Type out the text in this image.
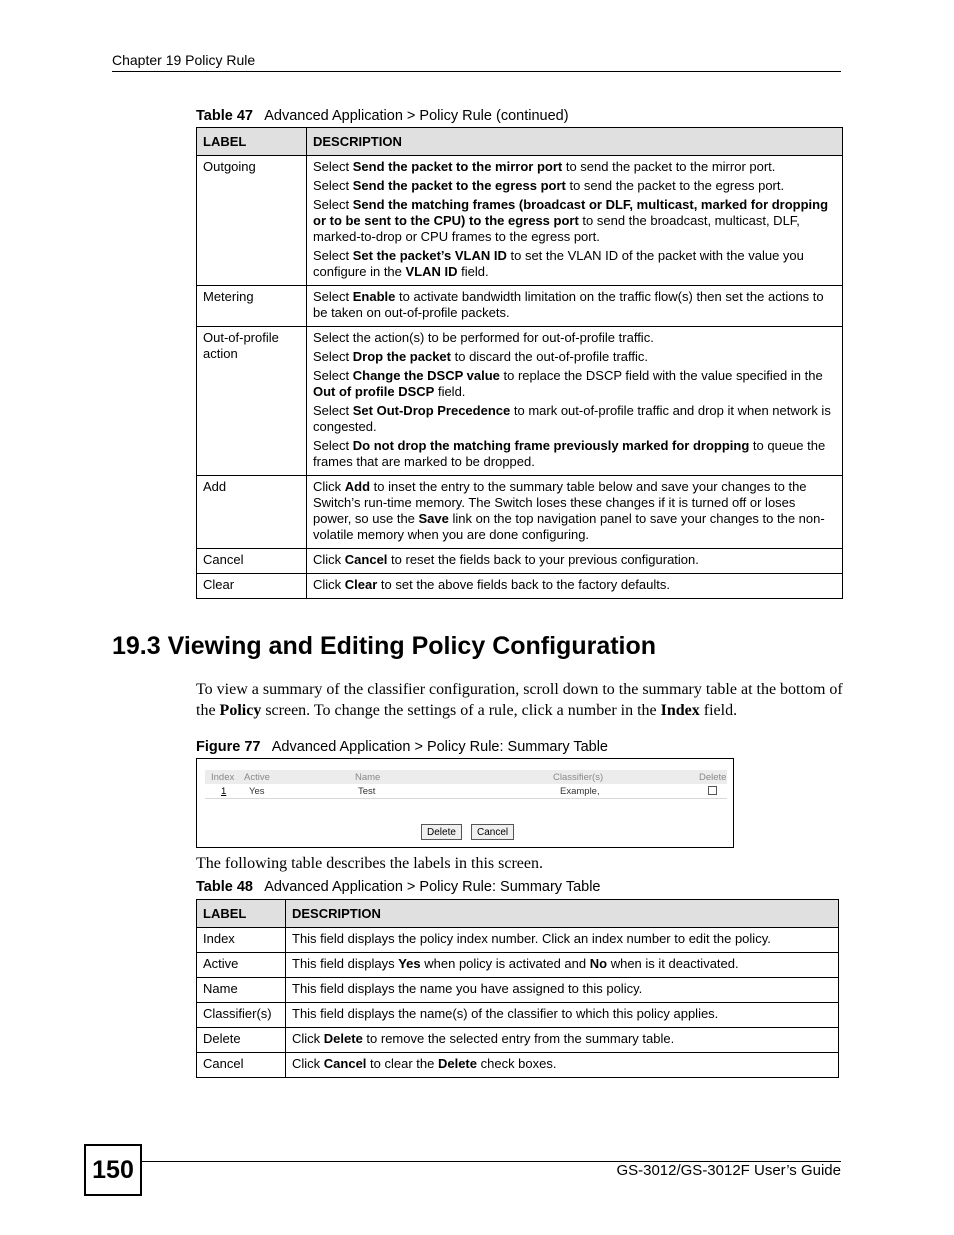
Chapter 19 Policy Rule
Table 47 Advanced Application > Policy Rule (continued)
LABEL	DESCRIPTION
Outgoing	Select Send the packet to the mirror port to send the packet to the mirror port.

Select Send the packet to the egress port to send the packet to the egress port.

Select Send the matching frames (broadcast or DLF, multicast, marked for dropping or to be sent to the CPU) to the egress port to send the broadcast, multicast, DLF, marked-to-drop or CPU frames to the egress port.

Select Set the packet’s VLAN ID to set the VLAN ID of the packet with the value you configure in the VLAN ID field.

Metering	Select Enable to activate bandwidth limitation on the traffic flow(s) then set the actions to be taken on out-of-profile packets.

Out-of-profile action	Select the action(s) to be performed for out-of-profile traffic.

Select Drop the packet to discard the out-of-profile traffic.

Select Change the DSCP value to replace the DSCP field with the value specified in the Out of profile DSCP field.

Select Set Out-Drop Precedence to mark out-of-profile traffic and drop it when network is congested.

Select Do not drop the matching frame previously marked for dropping to queue the frames that are marked to be dropped.

Add	Click Add to inset the entry to the summary table below and save your changes to the Switch’s run-time memory. The Switch loses these changes if it is turned off or loses power, so use the Save link on the top navigation panel to save your changes to the non-volatile memory when you are done configuring.

Cancel	Click Cancel to reset the fields back to your previous configuration.

Clear	Click Clear to set the above fields back to the factory defaults.

19.3 Viewing and Editing Policy Configuration
To view a summary of the classifier configuration, scroll down to the summary table at the bottom of the Policy screen. To change the settings of a rule, click a number in the Index field.
Figure 77 Advanced Application > Policy Rule: Summary Table
Index Active	Name	Classifier(s)	Delete
1 Yes	Test	Example,
Delete	Cancel
The following table describes the labels in this screen.
Table 48 Advanced Application > Policy Rule: Summary Table
LABEL	DESCRIPTION
Index	This field displays the policy index number. Click an index number to edit the policy.
Active	This field displays Yes when policy is activated and No when is it deactivated.
Name	This field displays the name you have assigned to this policy.
Classifier(s)	This field displays the name(s) of the classifier to which this policy applies.
Delete	Click Delete to remove the selected entry from the summary table.
Cancel	Click Cancel to clear the Delete check boxes.
150	GS-3012/GS-3012F User’s Guide
